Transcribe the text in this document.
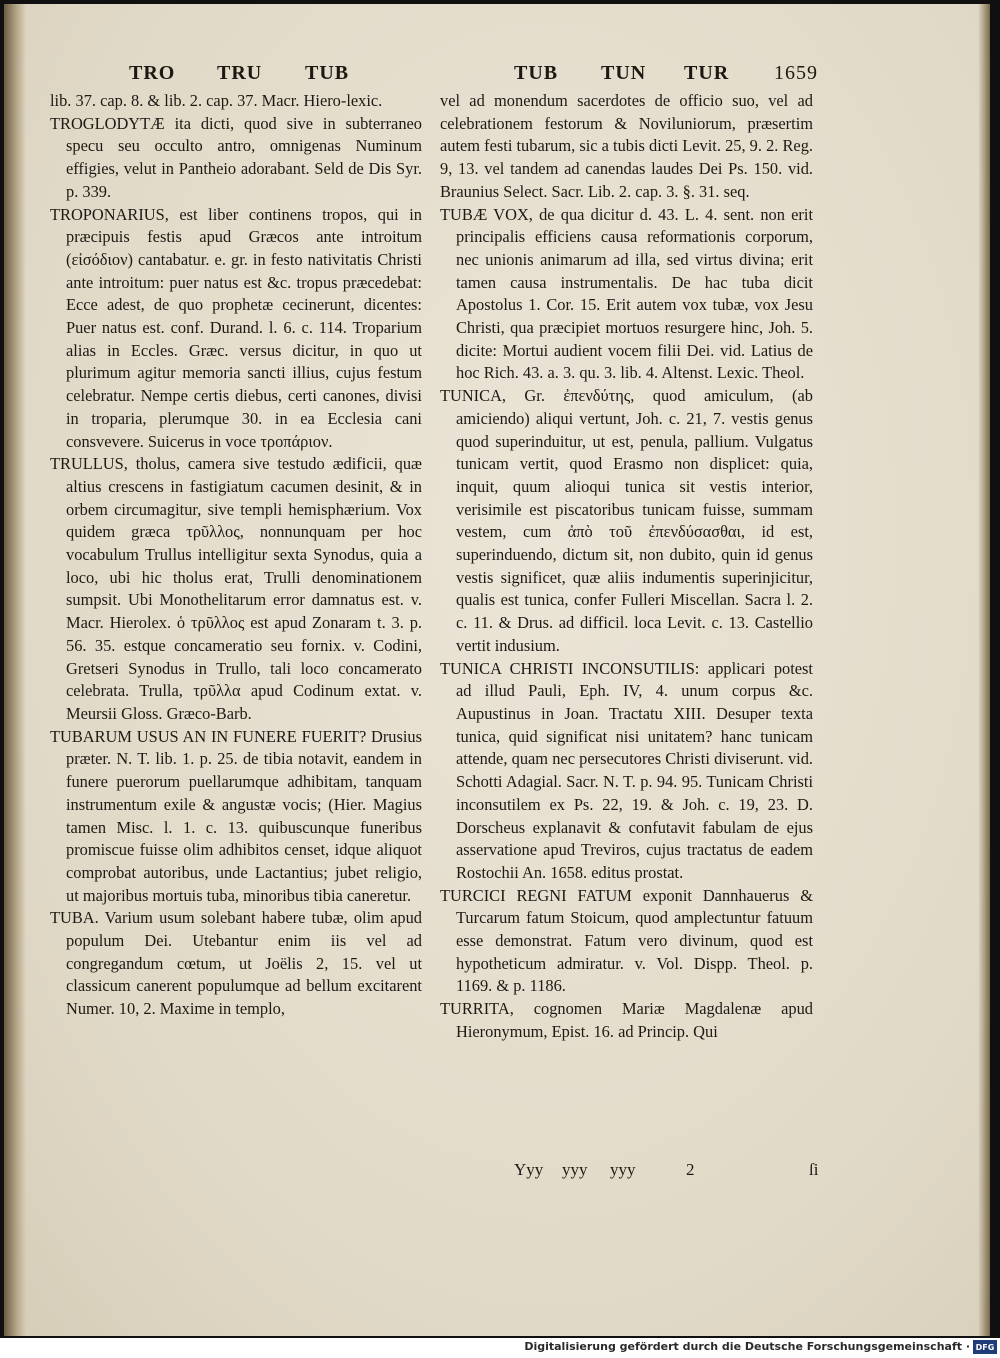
TRO TRU TUB	TUB TUN TUR 1659

lib. 37. cap. 8. & lib. 2. cap. 37. Macr. Hiero-lexic.

TROGLODYTÆ ita dicti, quod sive in subterraneo specu seu occulto antro, omnigenas Numinum effigies, velut in Pantheio adorabant. Seld de Dis Syr. p. 339.

TROPONARIUS, est liber continens tropos, qui in præcipuis festis apud Græcos ante introitum (εἰσόδιον) cantabatur. e. gr. in festo nativitatis Christi ante introitum: puer natus est &c. tropus præcedebat: Ecce adest, de quo prophetæ cecinerunt, dicentes: Puer natus est. conf. Durand. l. 6. c. 114. Troparium alias in Eccles. Græc. versus dicitur, in quo ut plurimum agitur memoria sancti illius, cujus festum celebratur. Nempe certis diebus, certi canones, divisi in troparia, plerumque 30. in ea Ecclesia cani consvevere. Suicerus in voce τροπάριον.

TRULLUS, tholus, camera sive testudo ædificii, quæ altius crescens in fastigiatum cacumen desinit, & in orbem circumagitur, sive templi hemisphærium. Vox quidem græca τρῦλλος, nonnunquam per hoc vocabulum Trullus intelligitur sexta Synodus, quia a loco, ubi hic tholus erat, Trulli denominationem sumpsit. Ubi Monothelitarum error damnatus est. v. Macr. Hierolex. ὁ τρῦλλος est apud Zonaram t. 3. p. 56. 35. estque concameratio seu fornix. v. Codini, Gretseri Synodus in Trullo, tali loco concamerato celebrata. Trulla, τρῦλλα apud Codinum extat. v. Meursii Gloss. Græco-Barb.

TUBARUM USUS AN IN FUNERE FUERIT? Drusius præter. N. T. lib. 1. p. 25. de tibia notavit, eandem in funere puerorum puellarumque adhibitam, tanquam instrumentum exile & angustæ vocis; (Hier. Magius tamen Misc. l. 1. c. 13. quibuscunque funeribus promiscue fuisse olim adhibitos censet, idque aliquot comprobat autoribus, unde Lactantius; jubet religio, ut majoribus mortuis tuba, minoribus tibia caneretur.

TUBA. Varium usum solebant habere tubæ, olim apud populum Dei. Utebantur enim iis vel ad congregandum cœtum, ut Joëlis 2, 15. vel ut classicum canerent populumque ad bellum excitarent Numer. 10, 2. Maxime in templo,

vel ad monendum sacerdotes de officio suo, vel ad celebrationem festorum & Noviluniorum, præsertim autem festi tubarum, sic a tubis dicti Levit. 25, 9. 2. Reg. 9, 13. vel tandem ad canendas laudes Dei Ps. 150. vid. Braunius Select. Sacr. Lib. 2. cap. 3. §. 31. seq.

TUBÆ VOX, de qua dicitur d. 43. L. 4. sent. non erit principalis efficiens causa reformationis corporum, nec unionis animarum ad illa, sed virtus divina; erit tamen causa instrumentalis. De hac tuba dicit Apostolus 1. Cor. 15. Erit autem vox tubæ, vox Jesu Christi, qua præcipiet mortuos resurgere hinc, Joh. 5. dicite: Mortui audient vocem filii Dei. vid. Latius de hoc Rich. 43. a. 3. qu. 3. lib. 4. Altenst. Lexic. Theol.

TUNICA, Gr. ἐπενδύτης, quod amiculum, (ab amiciendo) aliqui vertunt, Joh. c. 21, 7. vestis genus quod superinduitur, ut est, penula, pallium. Vulgatus tunicam vertit, quod Erasmo non displicet: quia, inquit, quum alioqui tunica sit vestis interior, verisimile est piscatoribus tunicam fuisse, summam vestem, cum ἀπὸ τοῦ ἐπενδύσασθαι, id est, superinduendo, dictum sit, non dubito, quin id genus vestis significet, quæ aliis indumentis superinjicitur, qualis est tunica, confer Fulleri Miscellan. Sacra l. 2. c. 11. & Drus. ad difficil. loca Levit. c. 13. Castellio vertit indusium.

TUNICA CHRISTI INCONSUTILIS: applicari potest ad illud Pauli, Eph. IV, 4. unum corpus &c. Aupustinus in Joan. Tractatu XIII. Desuper texta tunica, quid significat nisi unitatem? hanc tunicam attende, quam nec persecutores Christi diviserunt. vid. Schotti Adagial. Sacr. N. T. p. 94. 95. Tunicam Christi inconsutilem ex Ps. 22, 19. & Joh. c. 19, 23. D. Dorscheus explanavit & confutavit fabulam de ejus asservatione apud Treviros, cujus tractatus de eadem Rostochii An. 1658. editus prostat.

TURCICI REGNI FATUM exponit Dannhauerus & Turcarum fatum Stoicum, quod amplectuntur fatuum esse demonstrat. Fatum vero divinum, quod est hypotheticum admiratur. v. Vol. Dispp. Theol. p. 1169. & p. 1186.

TURRITA, cognomen Mariæ Magdalenæ apud Hieronymum, Epist. 16. ad Princip. Qui

Yyy yyy yyy	2	ſi
Digitalisierung gefördert durch die Deutsche Forschungsgemeinschaft · DFG
